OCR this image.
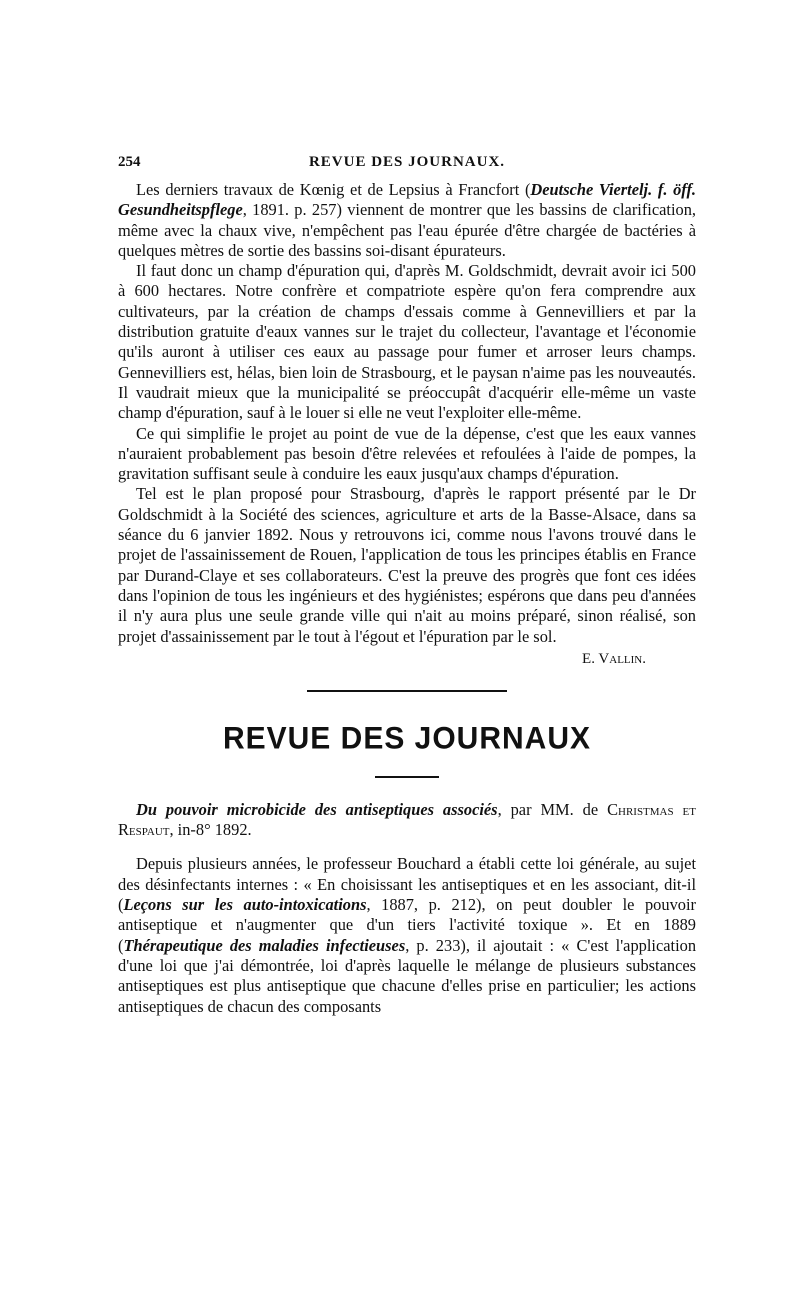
254	REVUE DES JOURNAUX.

Les derniers travaux de Kœnig et de Lepsius à Francfort (Deutsche Viertelj. f. öff. Gesundheitspflege, 1891. p. 257) viennent de montrer que les bassins de clarification, même avec la chaux vive, n'empêchent pas l'eau épurée d'être chargée de bactéries à quelques mètres de sortie des bassins soi-disant épurateurs.

Il faut donc un champ d'épuration qui, d'après M. Goldschmidt, devrait avoir ici 500 à 600 hectares. Notre confrère et compatriote espère qu'on fera comprendre aux cultivateurs, par la création de champs d'essais comme à Gennevilliers et par la distribution gratuite d'eaux vannes sur le trajet du collecteur, l'avantage et l'économie qu'ils auront à utiliser ces eaux au passage pour fumer et arroser leurs champs. Gennevilliers est, hélas, bien loin de Strasbourg, et le paysan n'aime pas les nouveautés. Il vaudrait mieux que la municipalité se préoccupât d'acquérir elle-même un vaste champ d'épuration, sauf à le louer si elle ne veut l'exploiter elle-même.

Ce qui simplifie le projet au point de vue de la dépense, c'est que les eaux vannes n'auraient probablement pas besoin d'être relevées et refoulées à l'aide de pompes, la gravitation suffisant seule à conduire les eaux jusqu'aux champs d'épuration.

Tel est le plan proposé pour Strasbourg, d'après le rapport présenté par le Dr Goldschmidt à la Société des sciences, agriculture et arts de la Basse-Alsace, dans sa séance du 6 janvier 1892. Nous y retrouvons ici, comme nous l'avons trouvé dans le projet de l'assainissement de Rouen, l'application de tous les principes établis en France par Durand-Claye et ses collaborateurs. C'est la preuve des progrès que font ces idées dans l'opinion de tous les ingénieurs et des hygiénistes; espérons que dans peu d'années il n'y aura plus une seule grande ville qui n'ait au moins préparé, sinon réalisé, son projet d'assainissement par le tout à l'égout et l'épuration par le sol.

E. Vallin.
REVUE DES JOURNAUX

Du pouvoir microbicide des antiseptiques associés, par MM. de Christmas et Respaut, in-8° 1892.

Depuis plusieurs années, le professeur Bouchard a établi cette loi générale, au sujet des désinfectants internes : « En choisissant les antiseptiques et en les associant, dit-il (Leçons sur les auto-intoxications, 1887, p. 212), on peut doubler le pouvoir antiseptique et n'augmenter que d'un tiers l'activité toxique ». Et en 1889 (Thérapeutique des maladies infectieuses, p. 233), il ajoutait : « C'est l'application d'une loi que j'ai démontrée, loi d'après laquelle le mélange de plusieurs substances antiseptiques est plus antiseptique que chacune d'elles prise en particulier; les actions antiseptiques de chacun des composants
